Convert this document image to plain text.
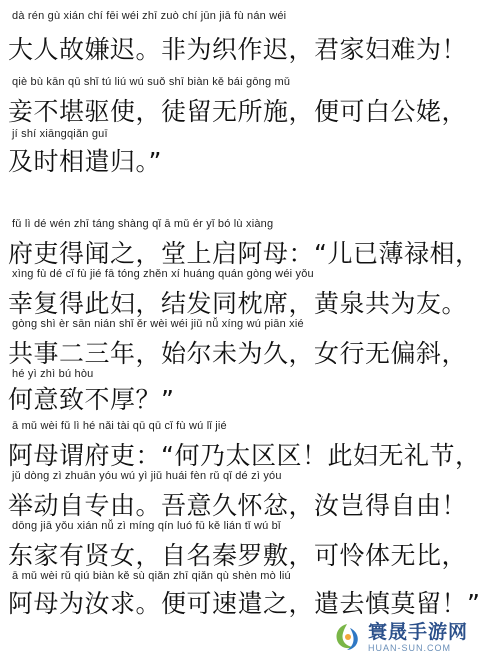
dà rén gù xián chí fēi wéi zhī zuò chí jūn jiā fù nán wéi
大人故嫌迟。非为织作迟，君家妇难为！
qiè bù kān qū shǐ tú liú wú suǒ shī biàn kě bái gōng mǔ
妾不堪驱使，徒留无所施，便可白公姥，
jí shí xiāngqiǎn guī
及时相遣归。”
fǔ lì dé wén zhī táng shàng qǐ ā mǔ ér yǐ bó lù xiàng
府吏得闻之，堂上启阿母：“儿已薄禄相，
xìng fù dé cǐ fù jié fā tóng zhěn xí huáng quán gòng wéi yǒu
幸复得此妇，结发同枕席，黄泉共为友。
gòng shì èr sān nián shǐ ěr wèi wéi jiǔ nǚ xíng wú piān xié
共事二三年，始尔未为久，女行无偏斜，
hé yì zhì bú hòu
何意致不厚？”
ā mǔ wèi fǔ lì hé nǎi tài qū qū cǐ fù wú lǐ jié
阿母谓府吏：“何乃太区区！此妇无礼节，
jǔ dòng zì zhuān yóu wú yì jiǔ huái fèn rǔ qǐ dé zì yóu
举动自专由。吾意久怀忿，汝岂得自由！
dōng jiā yǒu xián nǚ zì míng qín luó fū kě lián tǐ wú bǐ
东家有贤女，自名秦罗敷，可怜体无比，
ā mǔ wèi rǔ qiú biàn kě sù qiǎn zhī qiǎn qù shèn mò liú
阿母为汝求。便可速遣之，遣去慎莫留！”
寰晟手游网
HUAN-SUN.COM
